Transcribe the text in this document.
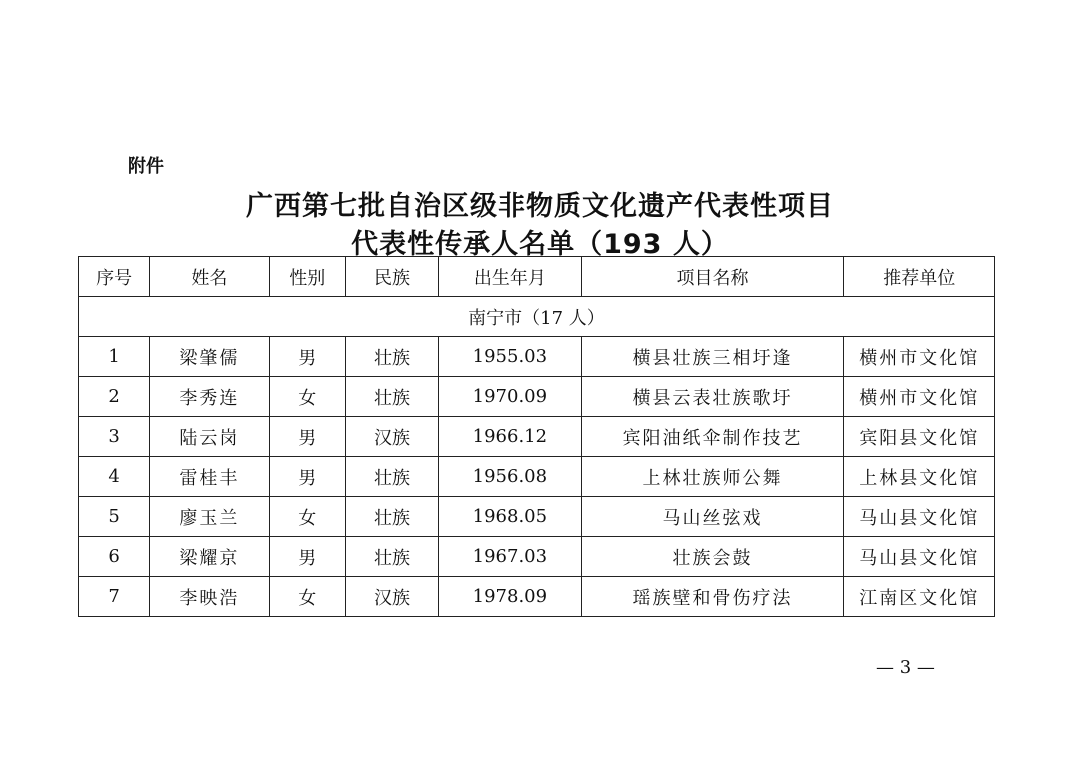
附件
广西第七批自治区级非物质文化遗产代表性项目
代表性传承人名单（193 人）
序号	姓名	性别	民族	出生年月	项目名称	推荐单位
南宁市（17 人）						
1	梁肇儒	男	壮族	1955.03	横县壮族三相圩逢	横州市文化馆
2	李秀连	女	壮族	1970.09	横县云表壮族歌圩	横州市文化馆
3	陆云岗	男	汉族	1966.12	宾阳油纸伞制作技艺	宾阳县文化馆
4	雷桂丰	男	壮族	1956.08	上林壮族师公舞	上林县文化馆
5	廖玉兰	女	壮族	1968.05	马山丝弦戏	马山县文化馆
6	梁耀京	男	壮族	1967.03	壮族会鼓	马山县文化馆
7	李映浩	女	汉族	1978.09	瑶族壁和骨伤疗法	江南区文化馆
— 3 —
